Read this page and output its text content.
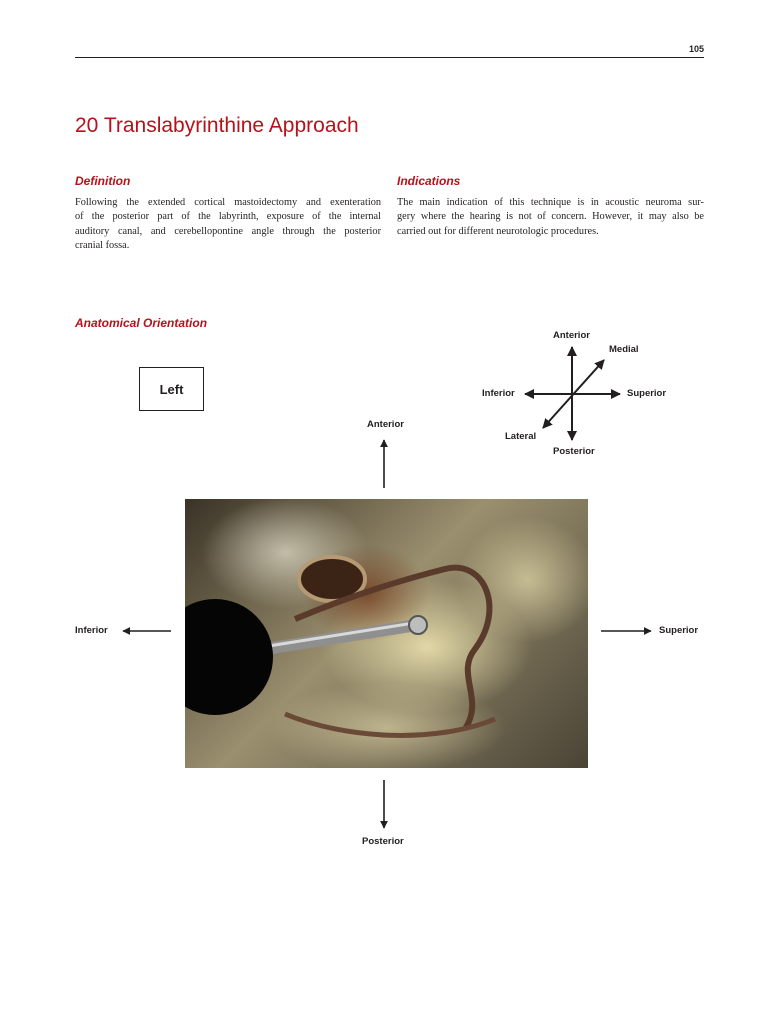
105
20 Translabyrinthine Approach
Definition
Following the extended cortical mastoidectomy and exenteration
of the posterior part of the labyrinth, exposure of the internal
auditory canal, and cerebellopontine angle through the posterior
cranial fossa.
Indications
The main indication of this technique is in acoustic neuroma sur-
gery where the hearing is not of concern. However, it may also be
carried out for different neurotologic procedures.
Anatomical Orientation
Left
Anterior
Medial
Inferior	Superior
Lateral
Posterior
Anterior
Inferior	Superior
Posterior
